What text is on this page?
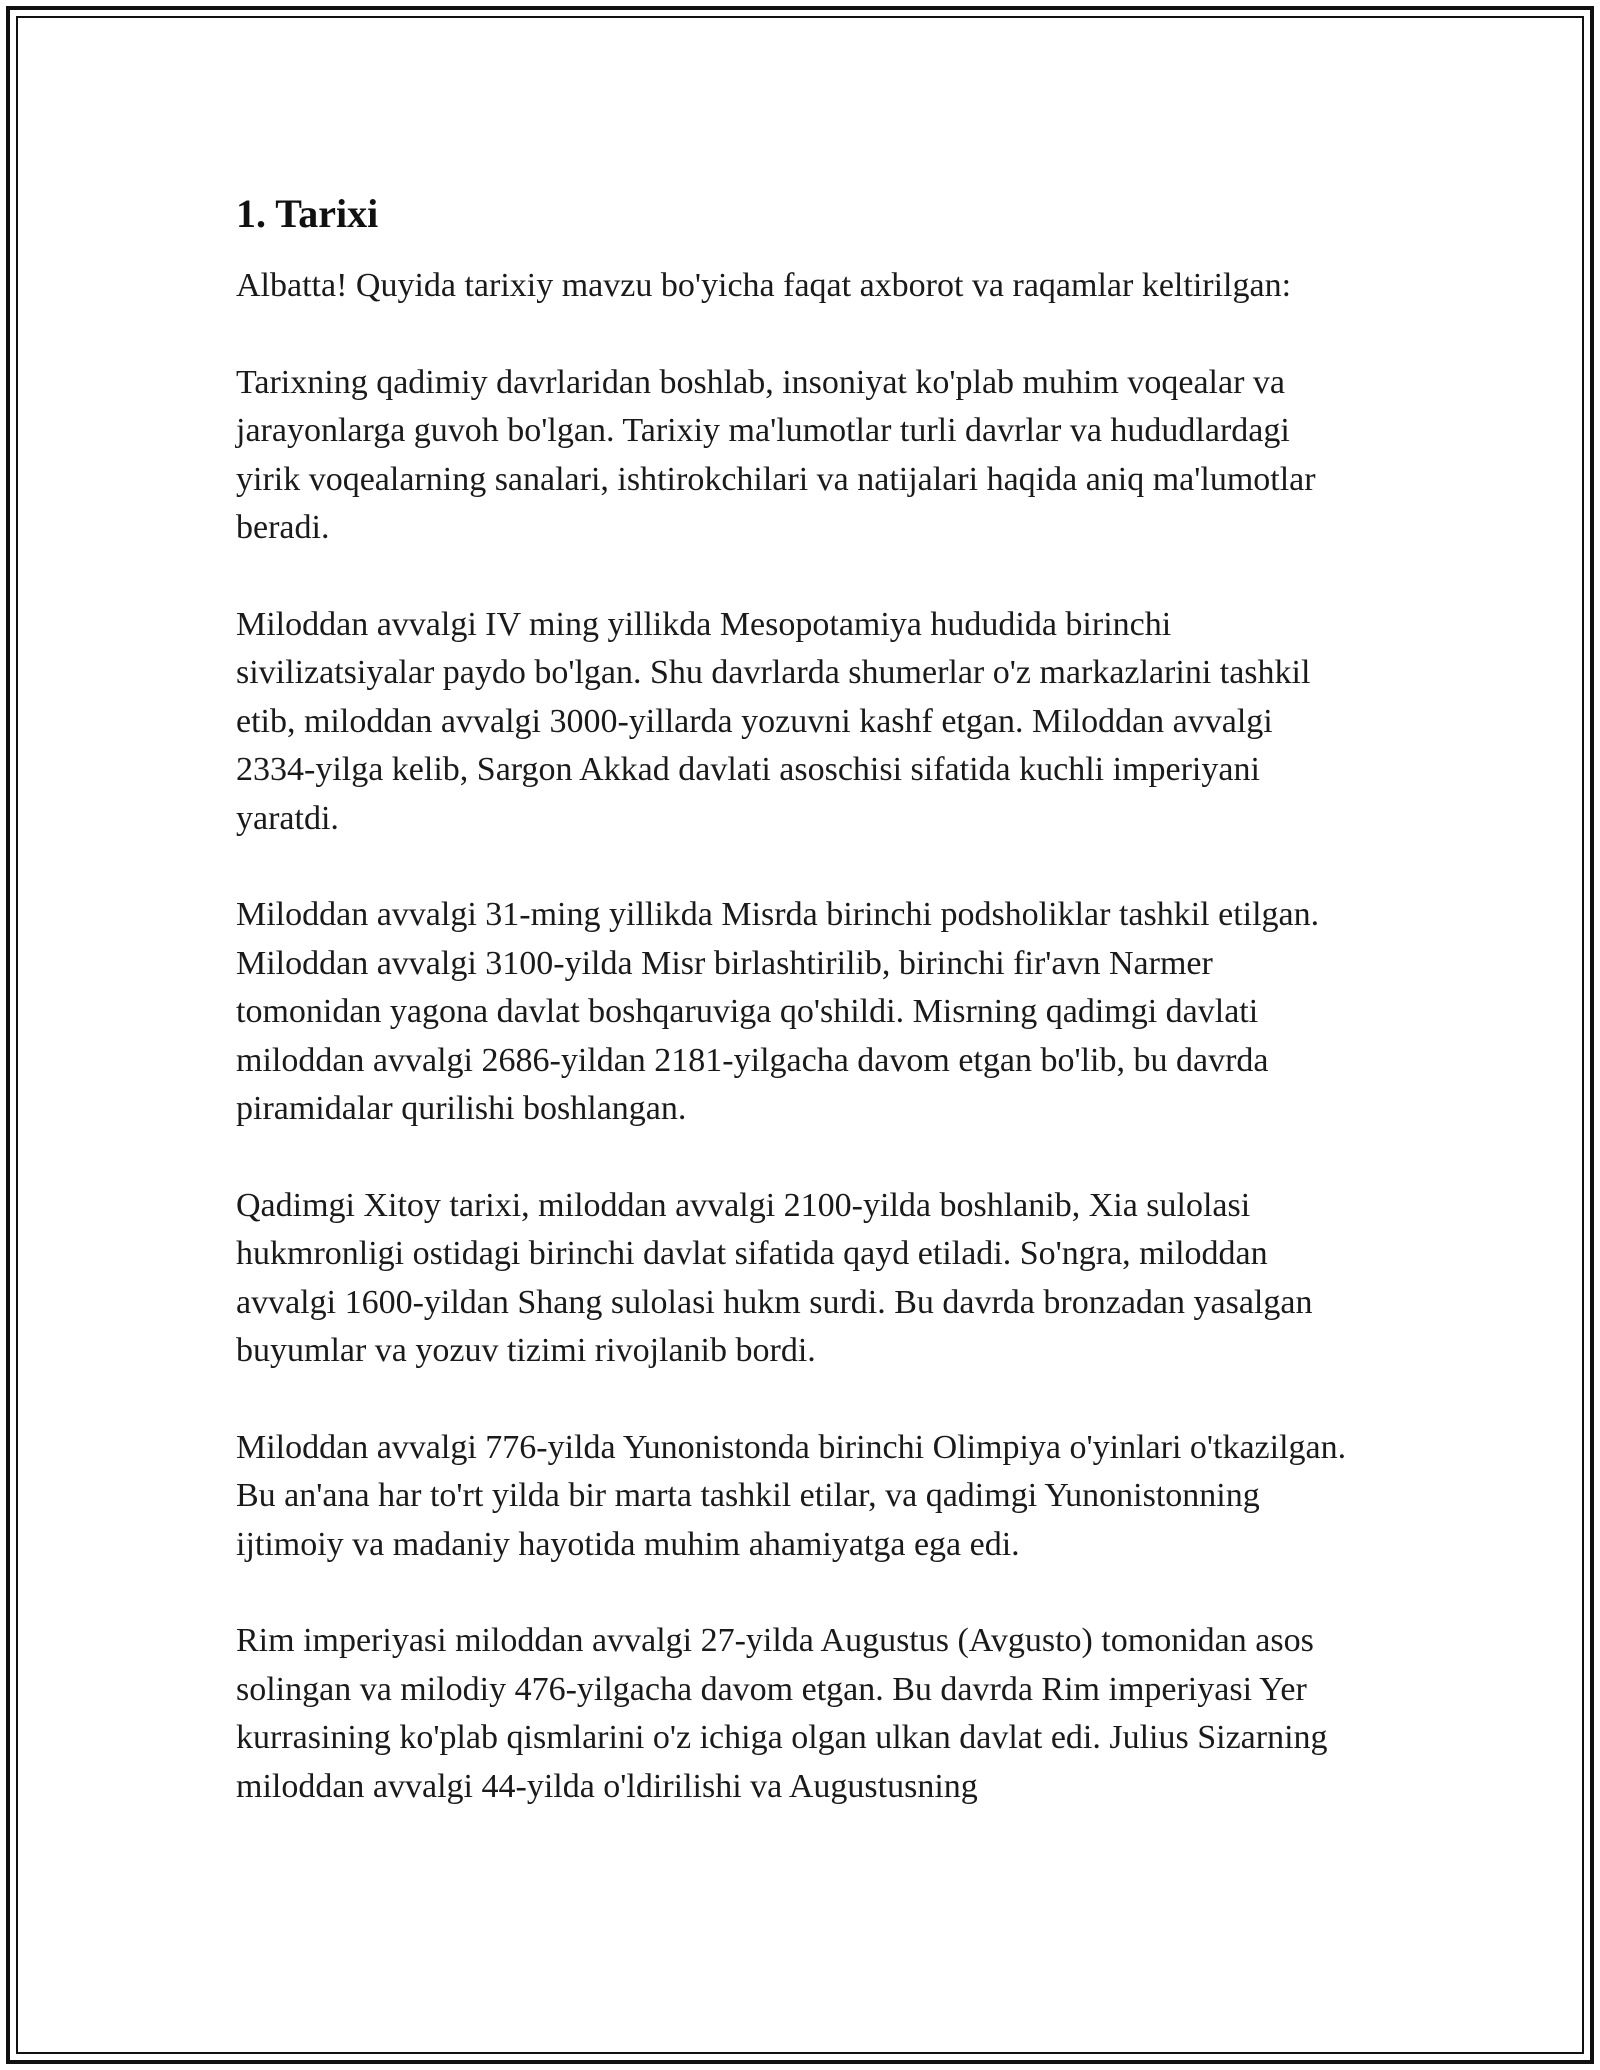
1. Tarixi

Albatta! Quyida tarixiy mavzu bo'yicha faqat axborot va raqamlar keltirilgan:

Tarixning qadimiy davrlaridan boshlab, insoniyat ko'plab muhim voqealar va jarayonlarga guvoh bo'lgan. Tarixiy ma'lumotlar turli davrlar va hududlardagi yirik voqealarning sanalari, ishtirokchilari va natijalari haqida aniq ma'lumotlar beradi.

Miloddan avvalgi IV ming yillikda Mesopotamiya hududida birinchi sivilizatsiyalar paydo bo'lgan. Shu davrlarda shumerlar o'z markazlarini tashkil etib, miloddan avvalgi 3000-yillarda yozuvni kashf etgan. Miloddan avvalgi 2334-yilga kelib, Sargon Akkad davlati asoschisi sifatida kuchli imperiyani yaratdi.

Miloddan avvalgi 31-ming yillikda Misrda birinchi podsholiklar tashkil etilgan. Miloddan avvalgi 3100-yilda Misr birlashtirilib, birinchi fir'avn Narmer tomonidan yagona davlat boshqaruviga qo'shildi. Misrning qadimgi davlati miloddan avvalgi 2686-yildan 2181-yilgacha davom etgan bo'lib, bu davrda piramidalar qurilishi boshlangan.

Qadimgi Xitoy tarixi, miloddan avvalgi 2100-yilda boshlanib, Xia sulolasi hukmronligi ostidagi birinchi davlat sifatida qayd etiladi. So'ngra, miloddan avvalgi 1600-yildan Shang sulolasi hukm surdi. Bu davrda bronzadan yasalgan buyumlar va yozuv tizimi rivojlanib bordi.

Miloddan avvalgi 776-yilda Yunonistonda birinchi Olimpiya o'yinlari o'tkazilgan. Bu an'ana har to'rt yilda bir marta tashkil etilar, va qadimgi Yunonistonning ijtimoiy va madaniy hayotida muhim ahamiyatga ega edi.

Rim imperiyasi miloddan avvalgi 27-yilda Augustus (Avgusto) tomonidan asos solingan va milodiy 476-yilgacha davom etgan. Bu davrda Rim imperiyasi Yer kurrasining ko'plab qismlarini o'z ichiga olgan ulkan davlat edi. Julius Sizarning miloddan avvalgi 44-yilda o'ldirilishi va Augustusning
